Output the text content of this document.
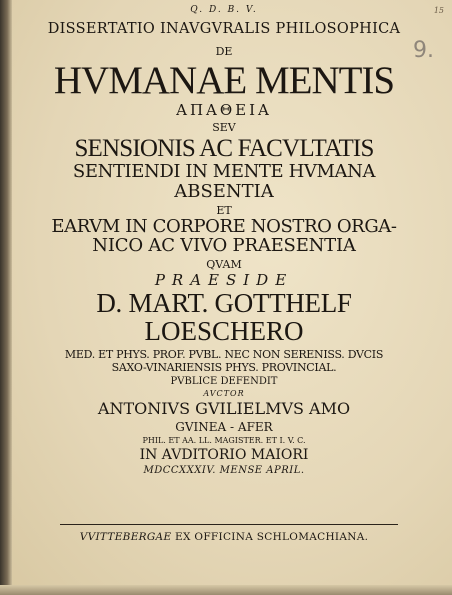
15
9.
Q. D. B. V.
DISSERTATIO INAVGVRALIS PHILOSOPHICA
DE
HVMANAE MENTIS
ΑΠΑΘΕΙΑ
SEV
SENSIONIS AC FACVLTATIS
SENTIENDI IN MENTE HVMANA
ABSENTIA
ET
EARVM IN CORPORE NOSTRO ORGA-
NICO AC VIVO PRAESENTIA
QVAM
PRAESIDE
D. MART. GOTTHELF
LOESCHERO
MED. ET PHYS. PROF. PVBL. NEC NON SERENISS. DVCIS
SAXO-VINARIENSIS PHYS. PROVINCIAL.
PVBLICE DEFENDIT
AVCTOR
ANTONIVS GVILIELMVS AMO
GVINEA - AFER
PHIL. ET AA. LL. MAGISTER. ET I. V. C.
IN AVDITORIO MAIORI
MDCCXXXIV. MENSE APRIL.
VVITTEBERGAE EX OFFICINA SCHLOMACHIANA.
